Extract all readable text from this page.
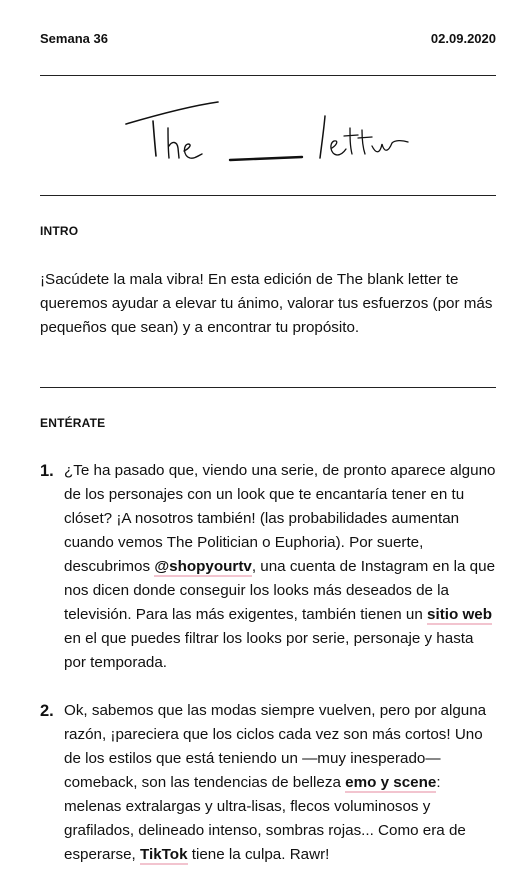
Semana 36	02.09.2020
INTRO

¡Sacúdete la mala vibra! En esta edición de The blank letter te queremos ayudar a elevar tu ánimo, valorar tus esfuerzos (por más pequeños que sean) y a encontrar tu propósito.

ENTÉRATE
1. ¿Te ha pasado que, viendo una serie, de pronto aparece alguno de los personajes con un look que te encantaría tener en tu clóset? ¡A nosotros también! (las probabilidades aumentan cuando vemos The Politician o Euphoria). Por suerte, descubrimos @shopyourtv, una cuenta de Instagram en la que nos dicen donde conseguir los looks más deseados de la televisión. Para las más exigentes, también tienen un sitio web en el que puedes filtrar los looks por serie, personaje y hasta por temporada.

2. Ok, sabemos que las modas siempre vuelven, pero por alguna razón, ¡pareciera que los ciclos cada vez son más cortos! Uno de los estilos que está teniendo un —muy inesperado— comeback, son las tendencias de belleza emo y scene: melenas extralargas y ultra-lisas, flecos voluminosos y grafilados, delineado intenso, sombras rojas... Como era de esperarse, TikTok tiene la culpa. Rawr!
